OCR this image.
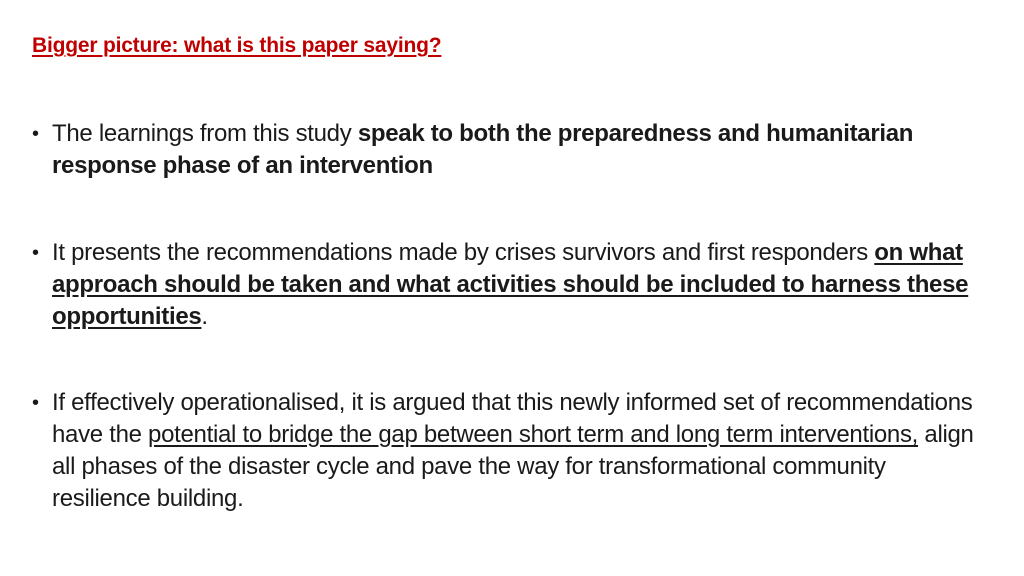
Bigger picture: what is this paper saying?
• The learnings from this study speak to both the preparedness and humanitarian response phase of an intervention
• It presents the recommendations made by crises survivors and first responders on what approach should be taken and what activities should be included to harness these opportunities.
• If effectively operationalised, it is argued that this newly informed set of recommendations have the potential to bridge the gap between short term and long term interventions, align all phases of the disaster cycle and pave the way for transformational community resilience building.
